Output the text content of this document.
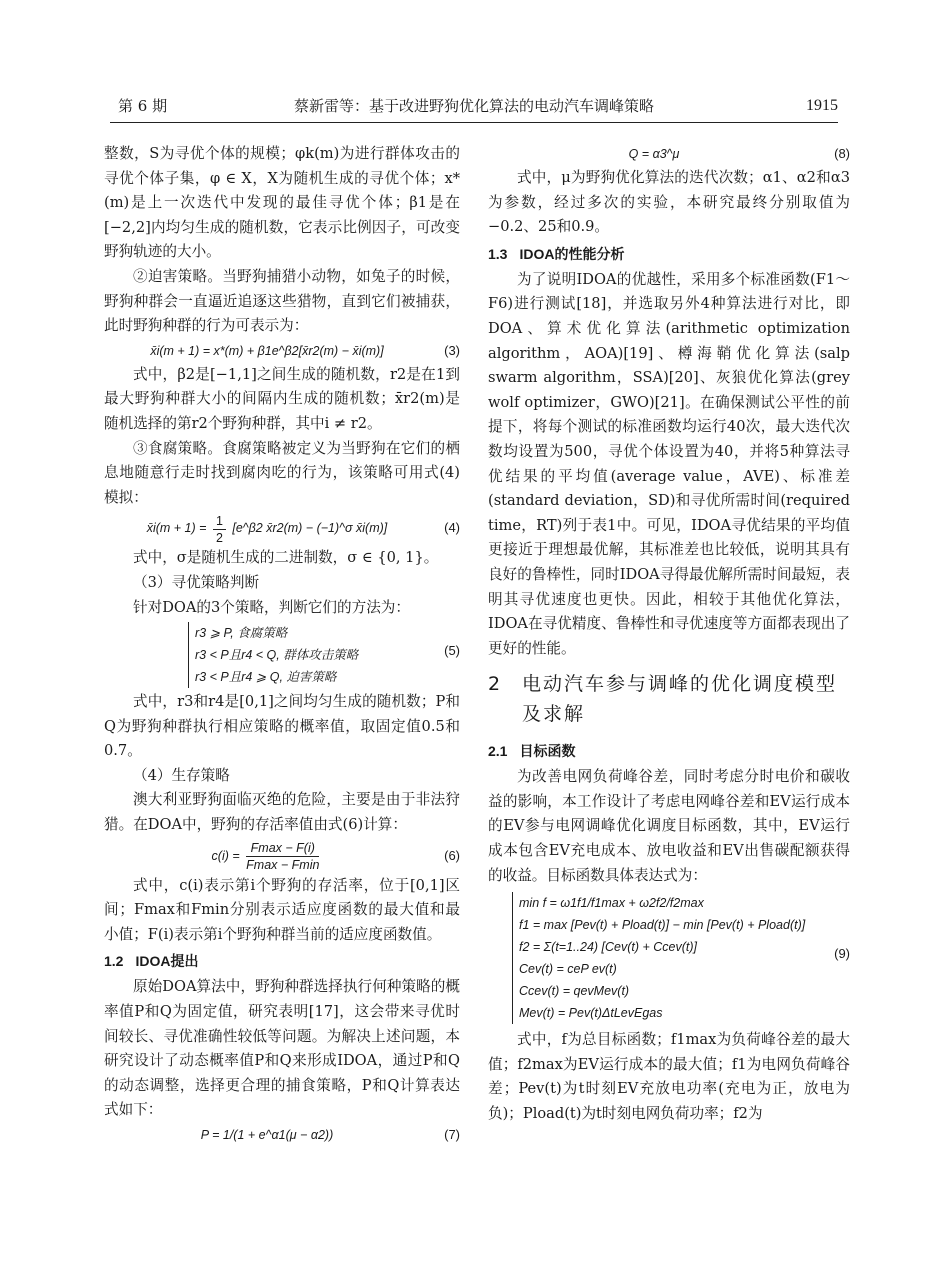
第 6 期	蔡新雷等：基于改进野狗优化算法的电动汽车调峰策略	1915

整数，S为寻优个体的规模；φk(m)为进行群体攻击的寻优个体子集，φ ∈ X，X为随机生成的寻优个体；x*(m)是上一次迭代中发现的最佳寻优个体；β1是在[−2,2]内均匀生成的随机数，它表示比例因子，可改变野狗轨迹的大小。

②迫害策略。当野狗捕猎小动物，如兔子的时候，野狗种群会一直逼近追逐这些猎物，直到它们被捕获，此时野狗种群的行为可表示为：

x̄i(m + 1) = x*(m) + β1e^β2[x̄r2(m) − x̄i(m)]	(3)

式中，β2是[−1,1]之间生成的随机数，r2是在1到最大野狗种群大小的间隔内生成的随机数；x̄r2(m)是随机选择的第r2个野狗种群，其中i ≠ r2。

③食腐策略。食腐策略被定义为当野狗在它们的栖息地随意行走时找到腐肉吃的行为，该策略可用式(4)模拟：

x̄i(m + $1) = \frac{1}{2}$ [e^β2 x̄r2(m) − (−1)^σ x̄i(m)]	(4)

式中，σ是随机生成的二进制数，σ ∈ {0, 1}。

（3）寻优策略判断

针对DOA的3个策略，判断它们的方法为：

r3 ⩾ P, 食腐策略
r3 < P且r4 < Q, 群体攻击策略
r3 < P且r4 ⩾ Q, 迫害策略
(5)

式中，r3和r4是[0,1]之间均匀生成的随机数；P和Q为野狗种群执行相应策略的概率值，取固定值0.5和0.7。

（4）生存策略

澳大利亚野狗面临灭绝的危险，主要是由于非法狩猎。在DOA中，野狗的存活率值由式(6)计算：

$c(i) = \frac{Fmax - F(i)}{Fmax - Fmin}$	(6)

式中，c(i)表示第i个野狗的存活率，位于[0,1]区间；Fmax和Fmin分别表示适应度函数的最大值和最小值；F(i)表示第i个野狗种群当前的适应度函数值。

1.2 IDOA提出

原始DOA算法中，野狗种群选择执行何种策略的概率值P和Q为固定值，研究表明[17]，这会带来寻优时间较长、寻优准确性较低等问题。为解决上述问题，本研究设计了动态概率值P和Q来形成IDOA，通过P和Q的动态调整，选择更合理的捕食策略，P和Q计算表达式如下：

P = 1/(1 + e^α1(μ − α2))	(7)
Q = α3^μ	(8)

式中，μ为野狗优化算法的迭代次数；α1、α2和α3为参数，经过多次的实验，本研究最终分别取值为−0.2、25和0.9。

1.3 IDOA的性能分析

为了说明IDOA的优越性，采用多个标准函数(F1～F6)进行测试[18]，并选取另外4种算法进行对比，即DOA、算术优化算法(arithmetic optimization algorithm，AOA)[19]、樽海鞘优化算法(salp swarm algorithm，SSA)[20]、灰狼优化算法(grey wolf optimizer，GWO)[21]。在确保测试公平性的前提下，将每个测试的标准函数均运行40次，最大迭代次数均设置为500，寻优个体设置为40，并将5种算法寻优结果的平均值(average value，AVE)、标准差(standard deviation，SD)和寻优所需时间(required time，RT)列于表1中。可见，IDOA寻优结果的平均值更接近于理想最优解，其标准差也比较低，说明其具有良好的鲁棒性，同时IDOA寻得最优解所需时间最短，表明其寻优速度也更快。因此，相较于其他优化算法，IDOA在寻优精度、鲁棒性和寻优速度等方面都表现出了更好的性能。

2	电动汽车参与调峰的优化调度模型及求解
2.1 目标函数

为改善电网负荷峰谷差，同时考虑分时电价和碳收益的影响，本工作设计了考虑电网峰谷差和EV运行成本的EV参与电网调峰优化调度目标函数，其中，EV运行成本包含EV充电成本、放电收益和EV出售碳配额获得的收益。目标函数具体表达式为：

min f = ω1f1/f1max + ω2f2/f2max
f1 = max [Pev(t) + Pload(t)] − min [Pev(t) + Pload(t)]
f2 = Σ(t=1..24) [Cev(t) + Ccev(t)]
Cev(t) = ceP ev(t)
Ccev(t) = qevMev(t)
Mev(t) = Pev(t)ΔtLevEgas
(9)

式中，f为总目标函数；f1max为负荷峰谷差的最大值；f2max为EV运行成本的最大值；f1为电网负荷峰谷差；Pev(t)为t时刻EV充放电功率(充电为正，放电为负)；Pload(t)为t时刻电网负荷功率；f2为
